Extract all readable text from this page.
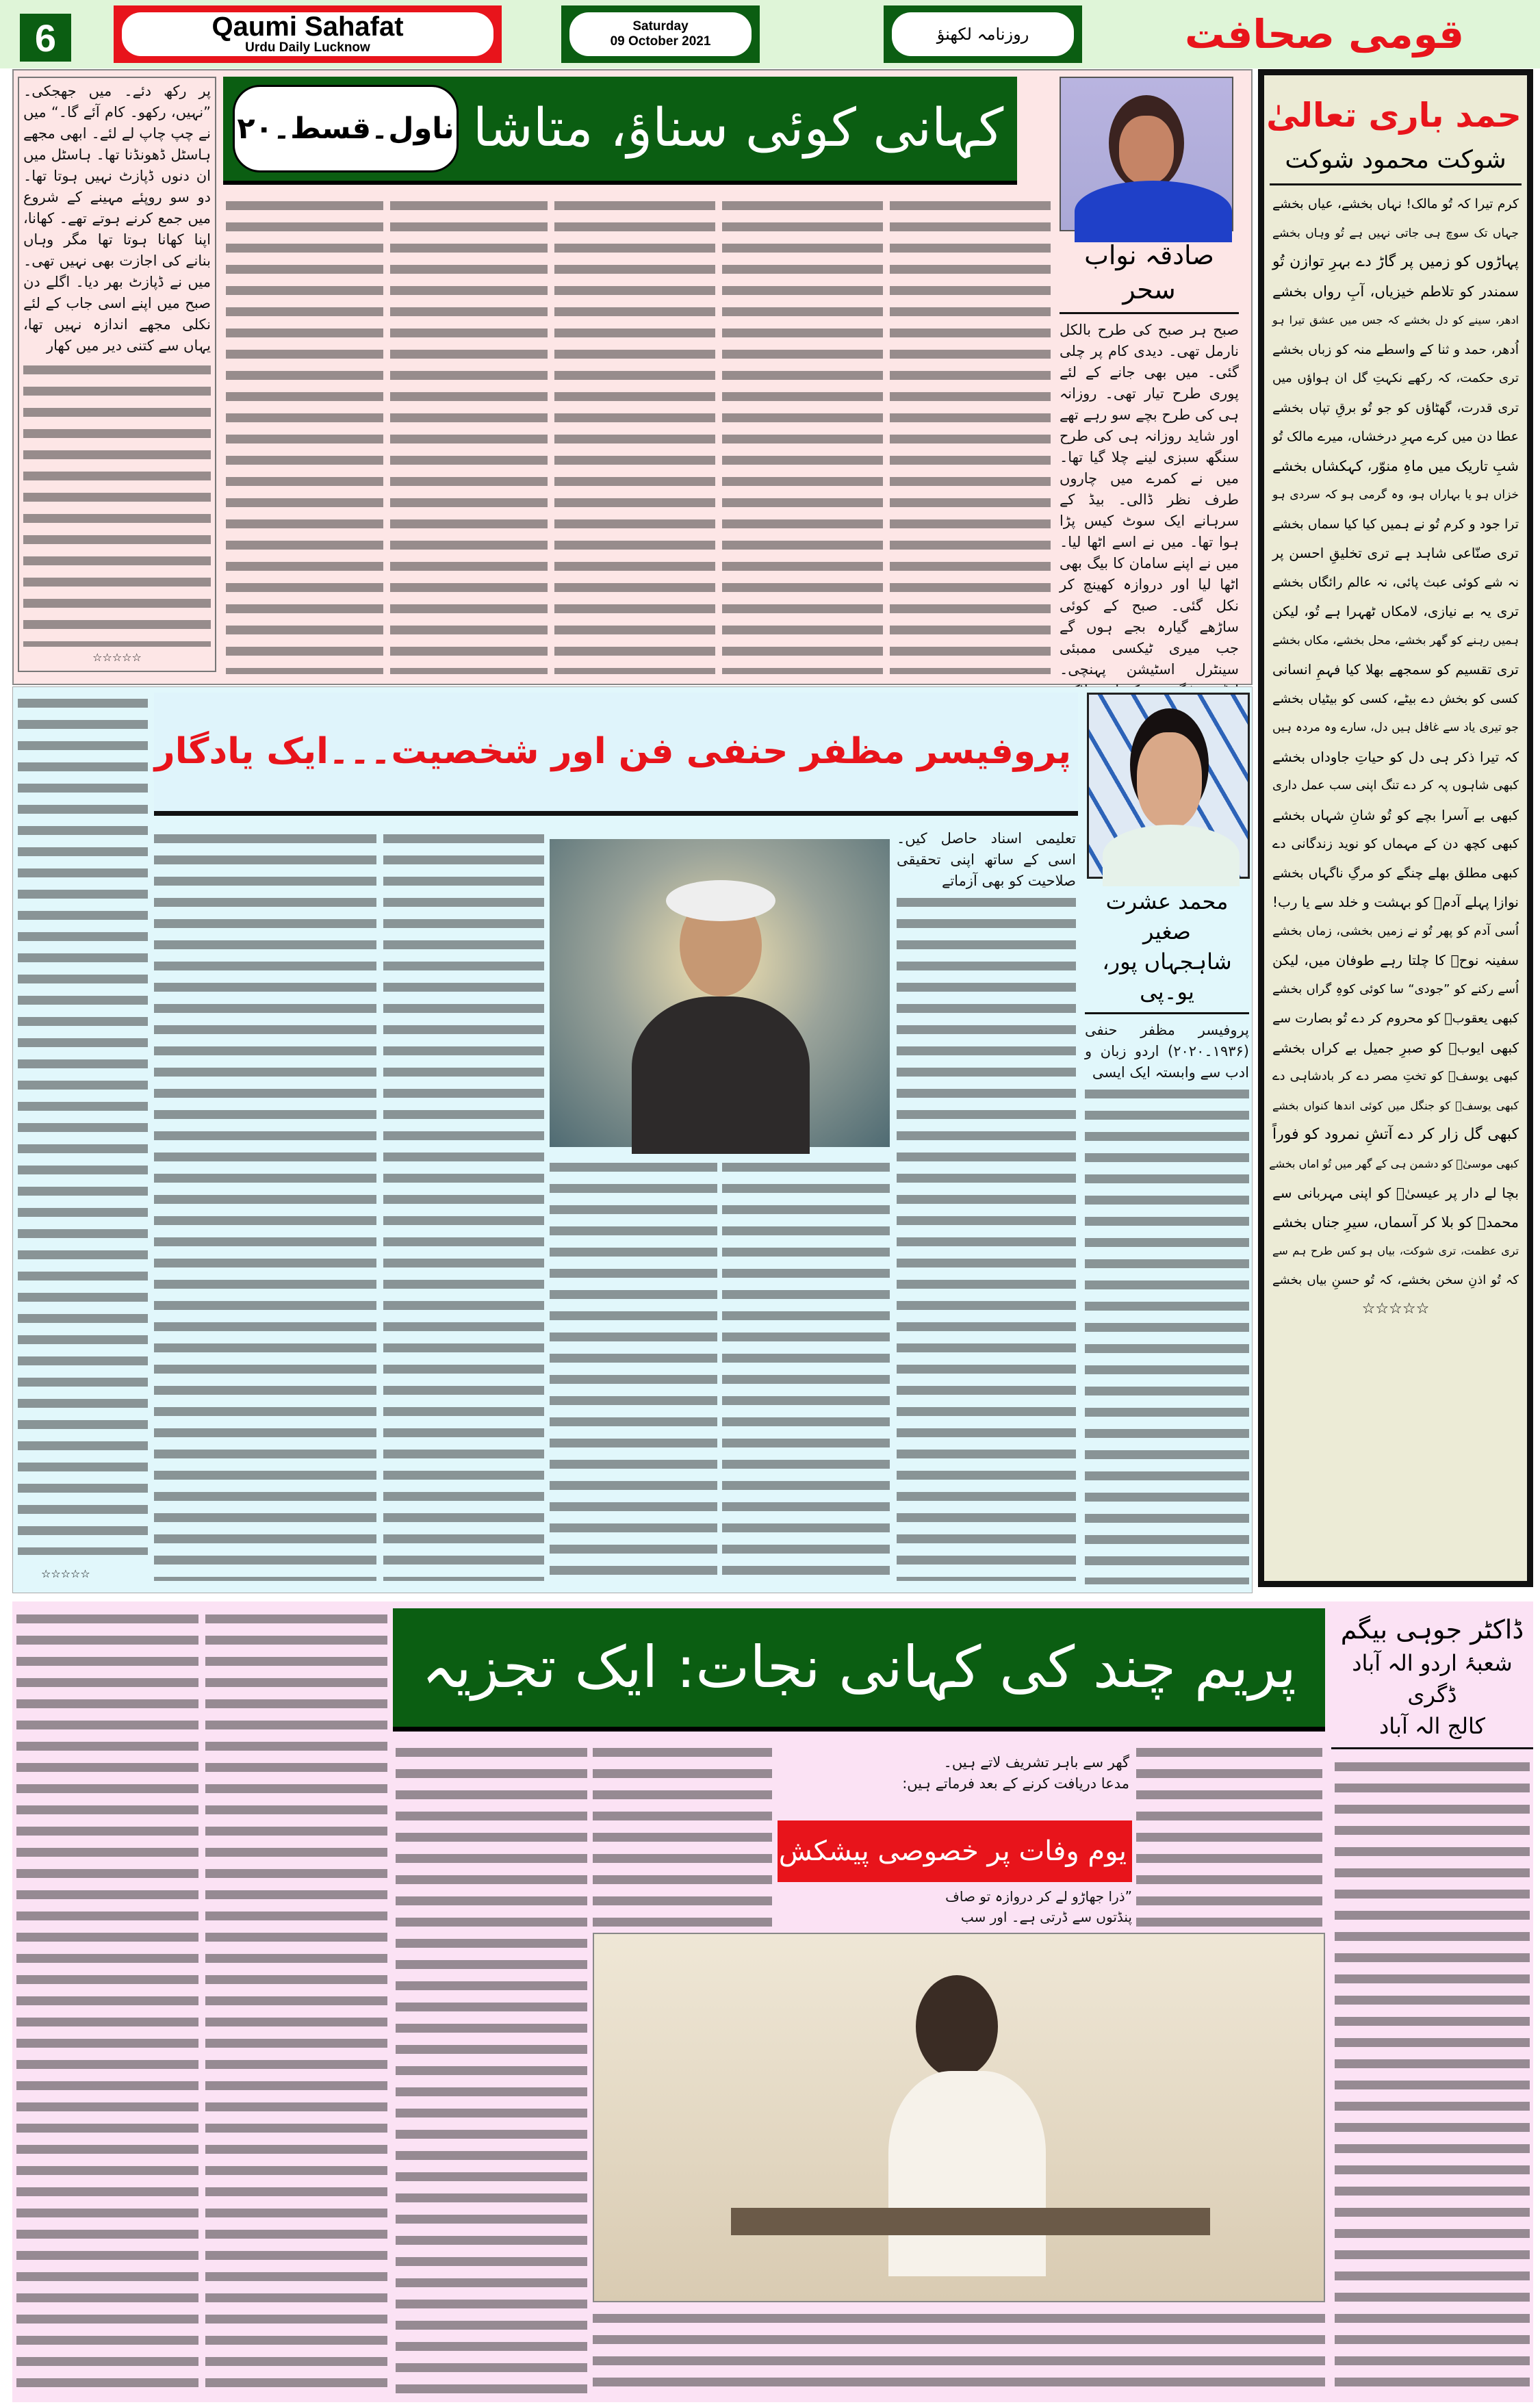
6	Qaumi Sahafat
Urdu Daily Lucknow
Saturday
09 October 2021	روزنامہ لکھنؤ	قومی صحافت
حمد باری تعالیٰ
شوکت محمود شوکت
کرم تیرا کہ تُو مالک! نہاں بخشے، عیاں بخشے
جہاں تک سوچ ہی جاتی نہیں ہے تُو وہاں بخشے
پہاڑوں کو زمیں پر گاڑ دے بہرِ توازن تُو
سمندر کو تلاطم خیزیاں، آبِ رواں بخشے
ادھر، سینے کو دل بخشے کہ جس میں عشق تیرا ہو
اُدھر، حمد و ثنا کے واسطے منہ کو زباں بخشے
تری حکمت، کہ رکھے نکہتِ گل ان ہواؤں میں
تری قدرت، گھٹاؤں کو جو تُو برقِ تپاں بخشے
عطا دن میں کرے مہرِ درخشاں، میرے مالک تُو
شبِ تاریک میں ماہِ منوّر، کہکشاں بخشے
خزاں ہو یا بہاراں ہو، وہ گرمی ہو کہ سردی ہو
ترا جود و کرم تُو نے ہمیں کیا کیا سماں بخشے
تری صنّاعی شاہد ہے تری تخلیقِ احسن پر
نہ شے کوئی عبث پائی، نہ عالم رائگاں بخشے
تری یہ بے نیازی، لامکاں ٹھہرا ہے تُو، لیکن
ہمیں رہنے کو گھر بخشے، محل بخشے، مکاں بخشے
تری تقسیم کو سمجھے بھلا کیا فہمِ انسانی
کسی کو بخش دے بیٹے، کسی کو بیٹیاں بخشے
جو تیری یاد سے غافل ہیں دل، سارے وہ مردہ ہیں
کہ تیرا ذکر ہی دل کو حیاتِ جاوداں بخشے
کبھی شاہوں پہ کر دے تنگ اپنی سب عمل داری
کبھی بے آسرا بچے کو تُو شانِ شہاں بخشے
کبھی کچھ دن کے مہماں کو نوید زندگانی دے
کبھی مطلق بھلے چنگے کو مرگِ ناگہاں بخشے
نوازا پہلے آدمؑ کو بہشت و خلد سے یا رب!
اُسی آدم کو پھر تُو نے زمیں بخشی، زماں بخشے
سفینہ نوحؑ کا چلتا رہے طوفان میں، لیکن
اُسے رکنے کو ”جودی“ سا کوئی کوہِ گراں بخشے
کبھی یعقوبؑ کو محروم کر دے تُو بصارت سے
کبھی ایوبؑ کو صبرِ جمیل بے کراں بخشے
کبھی یوسفؑ کو تختِ مصر دے کر بادشاہی دے
کبھی یوسفؑ کو جنگل میں کوئی اندھا کنواں بخشے
کبھی گل زار کر دے آتشِ نمرود کو فوراً
کبھی موسیٰؑ کو دشمن ہی کے گھر میں تُو اماں بخشے
بچا لے دار پر عیسیٰؑ کو اپنی مہربانی سے
محمدؐ کو بلا کر آسماں، سیرِ جناں بخشے
تری عظمت، تری شوکت، بیاں ہو کس طرح ہم سے
کہ تُو اذنِ سخن بخشے، کہ تُو حسنِ بیاں بخشے
☆☆☆☆☆
پر رکھ دئے۔ میں جھجکی۔ ”نہیں، رکھو۔ کام آئے گا۔“ میں نے چپ چاپ لے لئے۔ ابھی مجھے ہاسٹل ڈھونڈنا تھا۔ ہاسٹل میں ان دنوں ڈپازٹ نہیں ہوتا تھا۔ دو سو روپئے مہینے کے شروع میں جمع کرنے ہوتے تھے۔ کھانا، اپنا کھانا ہوتا تھا مگر وہاں بنانے کی اجازت بھی نہیں تھی۔ میں نے ڈپازٹ بھر دیا۔ اگلے دن صبح میں اپنے اسی جاب کے لئے نکلی مجھے اندازہ نہیں تھا، یہاں سے کتنی دیر میں کھار
☆☆☆☆☆
کہانی کوئی سناؤ، متاشا
ناول۔قسط۔۲۰
صادقہ نواب سحر
صبح ہر صبح کی طرح بالکل نارمل تھی۔ دیدی کام پر چلی گئی۔ میں بھی جانے کے لئے پوری طرح تیار تھی۔ روزانہ ہی کی طرح بچے سو رہے تھے اور شاید روزانہ ہی کی طرح سنگھ سبزی لینے چلا گیا تھا۔ میں نے کمرے میں چاروں طرف نظر ڈالی۔ بیڈ کے سرہانے ایک سوٹ کیس پڑا ہوا تھا۔ میں نے اسے اٹھا لیا۔ میں نے اپنے سامان کا بیگ بھی اٹھا لیا اور دروازہ کھینچ کر نکل گئی۔ صبح کے کوئی ساڑھے گیارہ بجے ہوں گے جب میری ٹیکسی ممبئی سینٹرل اسٹیشن پہنچی۔
پروفیسر مظفر حنفی فن اور شخصیت۔۔۔ایک یادگار
محمد عشرت صغیر
شاہجہاں پور، یو۔پی
پروفیسر مظفر حنفی (۱۹۳۶۔۲۰۲۰) اردو زبان و ادب سے وابستہ ایک ایسی
تعلیمی اسناد حاصل کیں۔ اسی کے ساتھ اپنی تحقیقی صلاحیت کو بھی آزماتے
☆☆☆☆☆
پریم چند کی کہانی نجات: ایک تجزیہ
ڈاکٹر جوہی بیگم
شعبۂ اردو الہ آباد ڈگری
کالج الہ آباد
گھر سے باہر تشریف لاتے ہیں۔
مدعا دریافت کرنے کے بعد فرماتے ہیں:
یوم وفات پر خصوصی پیشکش
”ذرا جھاڑو لے کر دروازہ تو صاف
پنڈتوں سے ڈرتی ہے۔ اور سب
